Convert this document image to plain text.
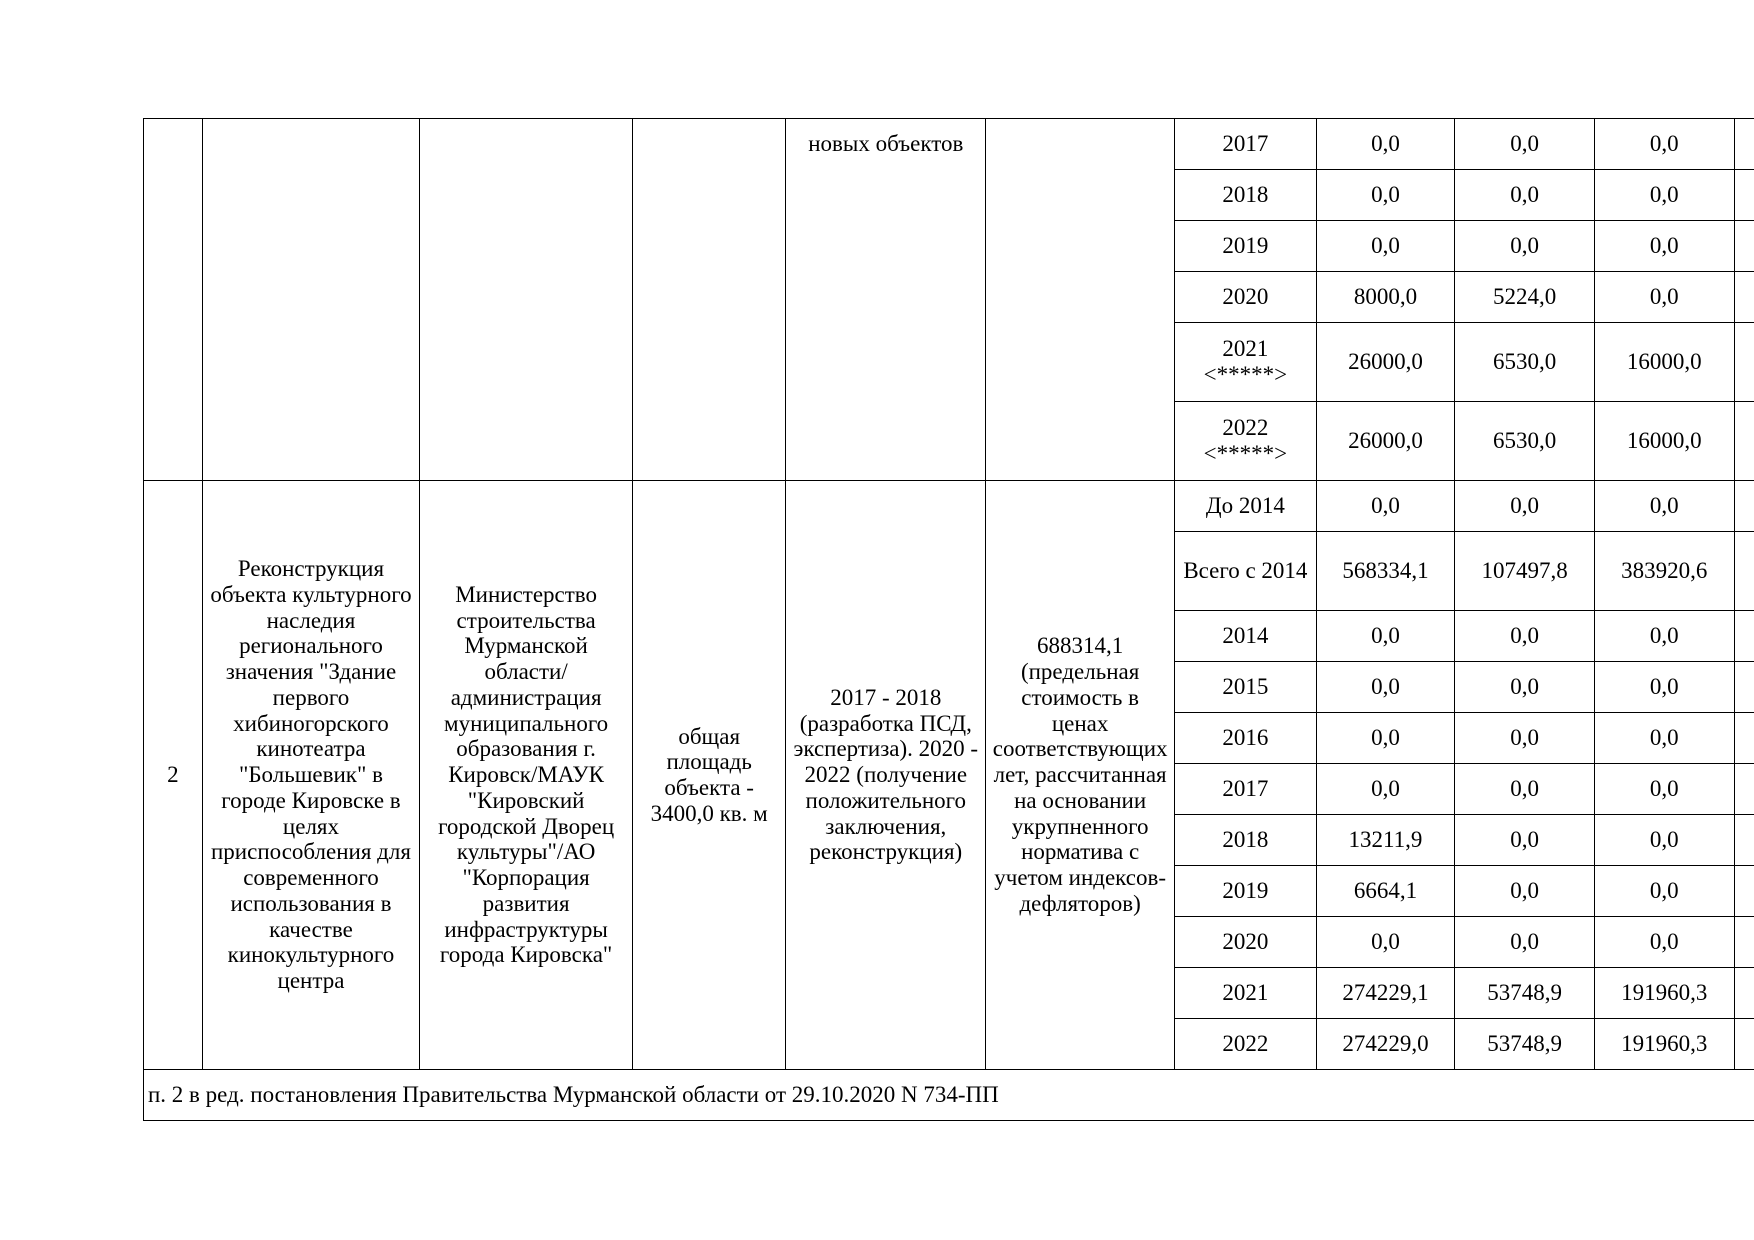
				новых объектов		2017	0,0	0,0	0,0	
						2018	0,0	0,0	0,0	
						2019	0,0	0,0	0,0	
						2020	8000,0	5224,0	0,0	
						2021 <*****>	26000,0	6530,0	16000,0	
						2022 <*****>	26000,0	6530,0	16000,0	
2	Реконструкция объекта культурного наследия регионального значения "Здание первого хибиногорского кинотеатра "Большевик" в городе Кировске в целях приспособления для современного использования в качестве кинокультурного центра	Министерство строительства Мурманской области/администрация муниципального образования г. Кировск/МАУК "Кировский городской Дворец культуры"/АО "Корпорация развития инфраструктуры города Кировска"	общая площадь объекта - 3400,0 кв. м	2017 - 2018 (разработка ПСД, экспертиза). 2020 - 2022 (получение положительного заключения, реконструкция)	688314,1 (предельная стоимость в ценах соответствующих лет, рассчитанная на основании укрупненного норматива с учетом индексов-дефляторов)	До 2014	0,0	0,0	0,0	
						Всего с 2014	568334,1	107497,8	383920,6	
						2014	0,0	0,0	0,0	
						2015	0,0	0,0	0,0	
						2016	0,0	0,0	0,0	
						2017	0,0	0,0	0,0	
						2018	13211,9	0,0	0,0	
						2019	6664,1	0,0	0,0	
						2020	0,0	0,0	0,0	
						2021	274229,1	53748,9	191960,3	
						2022	274229,0	53748,9	191960,3	
п. 2 в ред. постановления Правительства Мурманской области от 29.10.2020 N 734-ПП										
